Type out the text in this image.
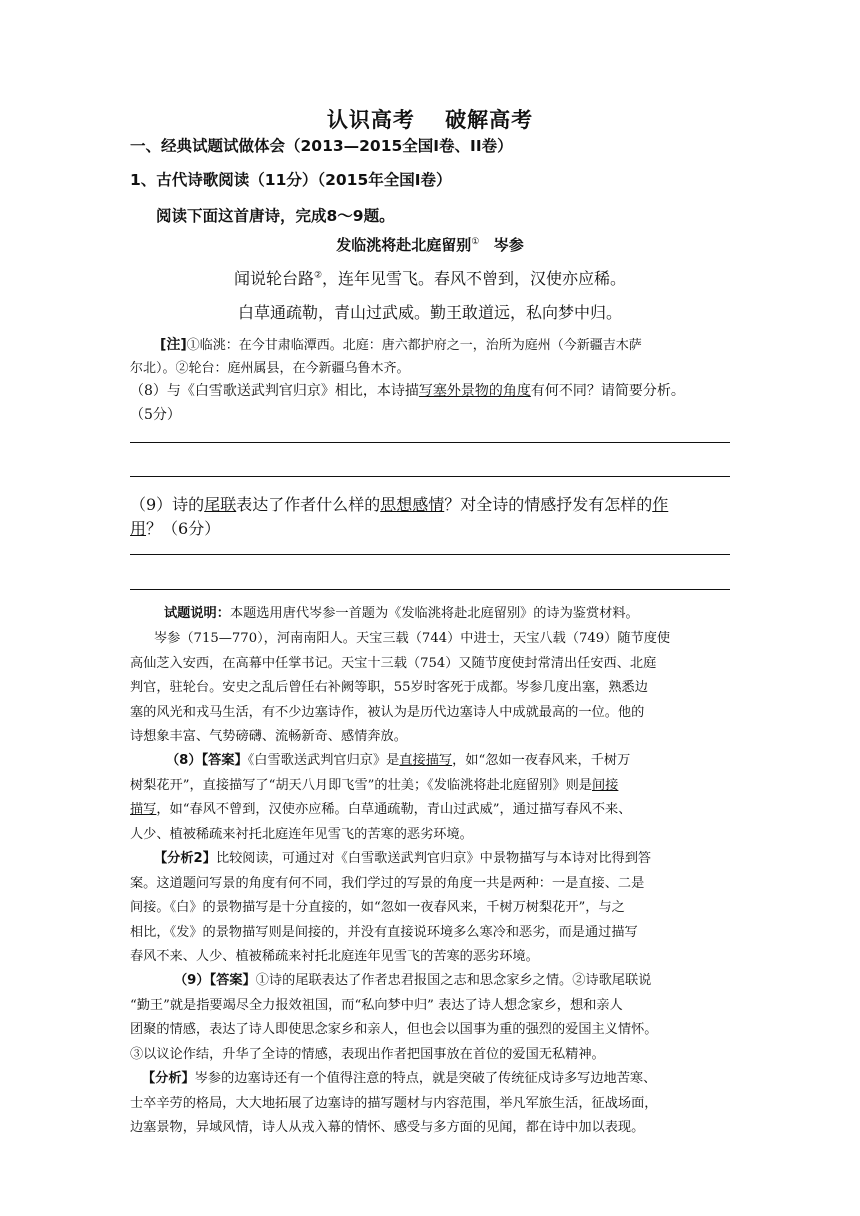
认识高考　 破解高考
一、经典试题试做体会（2013—2015全国Ⅰ卷、II卷）
1、古代诗歌阅读（11分）（2015年全国Ⅰ卷）
阅读下面这首唐诗，完成8～9题。
发临洮将赴北庭留别① 岑参
闻说轮台路②，连年见雪飞。春风不曾到，汉使亦应稀。
白草通疏勒，青山过武威。勤王敢道远，私向梦中归。
[注]①临洮：在今甘肃临潭西。北庭：唐六都护府之一，治所为庭州（今新疆吉木萨
尔北）。②轮台：庭州属县，在今新疆乌鲁木齐。
（8）与《白雪歌送武判官归京》相比，本诗描写塞外景物的角度有何不同？请简要分析。
（5分）
（9）诗的尾联表达了作者什么样的思想感情？对全诗的情感抒发有怎样的作
用？（6分）
试题说明：本题选用唐代岑参一首题为《发临洮将赴北庭留别》的诗为鉴赏材料。
岑参（715—770），河南南阳人。天宝三载（744）中进士，天宝八载（749）随节度使
高仙芝入安西，在高幕中任掌书记。天宝十三载（754）又随节度使封常清出任安西、北庭
判官，驻轮台。安史之乱后曾任右补阙等职，55岁时客死于成都。岑参几度出塞，熟悉边
塞的风光和戎马生活，有不少边塞诗作，被认为是历代边塞诗人中成就最高的一位。他的
诗想象丰富、气势磅礴、流畅新奇、感情奔放。
（8）【答案】《白雪歌送武判官归京》是直接描写，如“忽如一夜春风来，千树万
树梨花开”，直接描写了“胡天八月即飞雪”的壮美；《发临洮将赴北庭留别》则是间接
描写，如“春风不曾到，汉使亦应稀。白草通疏勒，青山过武威”，通过描写春风不来、
人少、植被稀疏来衬托北庭连年见雪飞的苦寒的恶劣环境。
【分析2】比较阅读，可通过对《白雪歌送武判官归京》中景物描写与本诗对比得到答
案。这道题问写景的角度有何不同，我们学过的写景的角度一共是两种：一是直接、二是
间接。《白》的景物描写是十分直接的，如“忽如一夜春风来，千树万树梨花开”，与之
相比，《发》的景物描写则是间接的，并没有直接说环境多么寒冷和恶劣，而是通过描写
春风不来、人少、植被稀疏来衬托北庭连年见雪飞的苦寒的恶劣环境。
（9）【答案】①诗的尾联表达了作者忠君报国之志和思念家乡之情。②诗歌尾联说
“勤王”就是指要竭尽全力报效祖国，而“私向梦中归” 表达了诗人想念家乡，想和亲人
团聚的情感，表达了诗人即使思念家乡和亲人，但也会以国事为重的强烈的爱国主义情怀。
③以议论作结，升华了全诗的情感，表现出作者把国事放在首位的爱国无私精神。
【分析】岑参的边塞诗还有一个值得注意的特点，就是突破了传统征戍诗多写边地苦寒、
士卒辛劳的格局，大大地拓展了边塞诗的描写题材与内容范围，举凡军旅生活，征战场面，
边塞景物，异域风情，诗人从戎入幕的情怀、感受与多方面的见闻，都在诗中加以表现。
